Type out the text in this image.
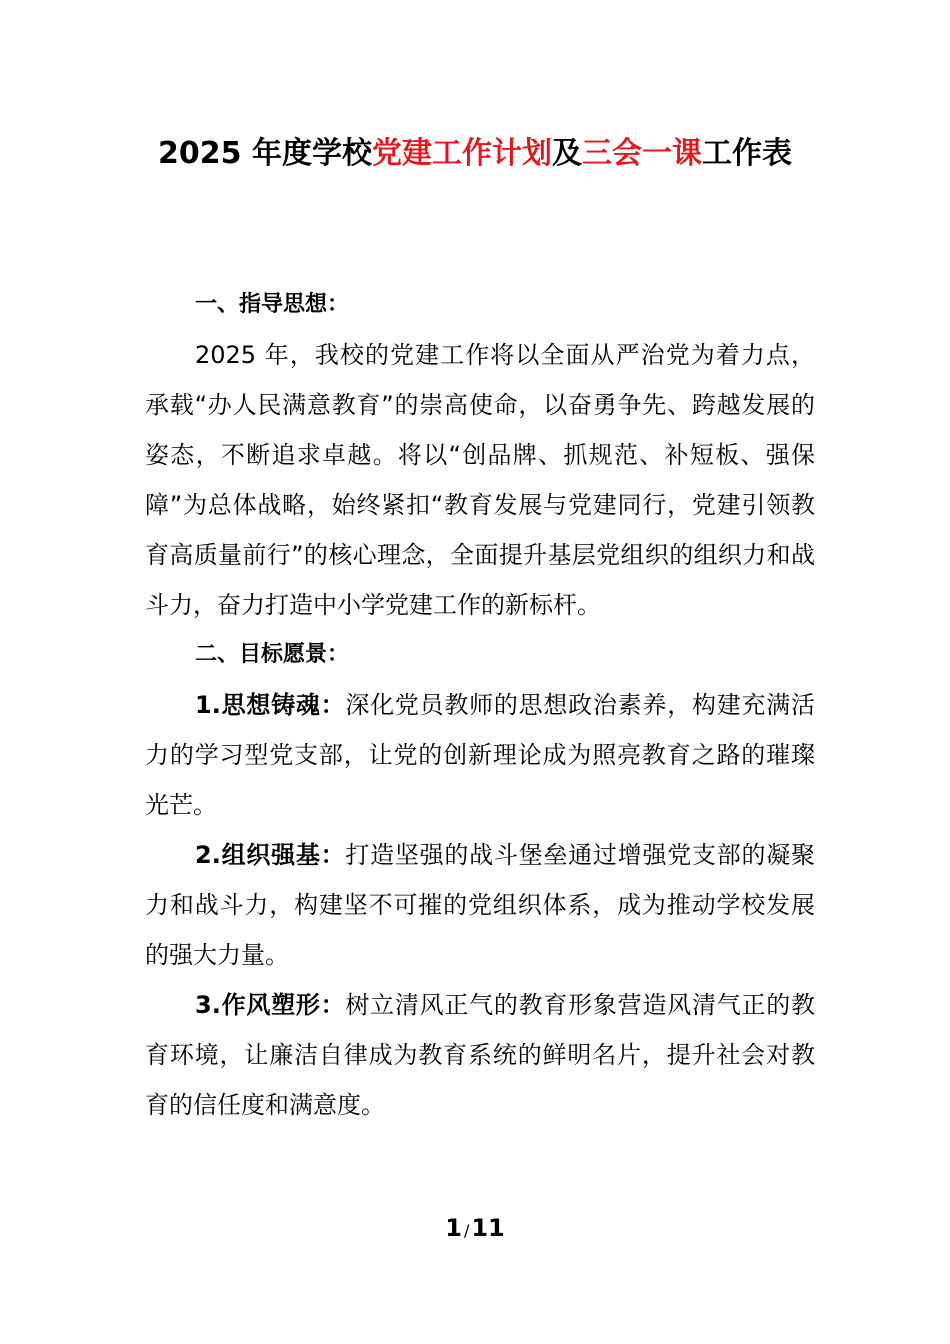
2025 年度学校党建工作计划及三会一课工作表

一、指导思想：

2025 年，我校的党建工作将以全面从严治党为着力点，承载“办人民满意教育”的崇高使命，以奋勇争先、跨越发展的姿态，不断追求卓越。将以“创品牌、抓规范、补短板、强保障”为总体战略，始终紧扣“教育发展与党建同行，党建引领教育高质量前行”的核心理念，全面提升基层党组织的组织力和战斗力，奋力打造中小学党建工作的新标杆。

二、目标愿景：

1.思想铸魂：深化党员教师的思想政治素养，构建充满活力的学习型党支部，让党的创新理论成为照亮教育之路的璀璨光芒。

2.组织强基：打造坚强的战斗堡垒通过增强党支部的凝聚力和战斗力，构建坚不可摧的党组织体系，成为推动学校发展的强大力量。

3.作风塑形：树立清风正气的教育形象营造风清气正的教育环境，让廉洁自律成为教育系统的鲜明名片，提升社会对教育的信任度和满意度。

1 /11
